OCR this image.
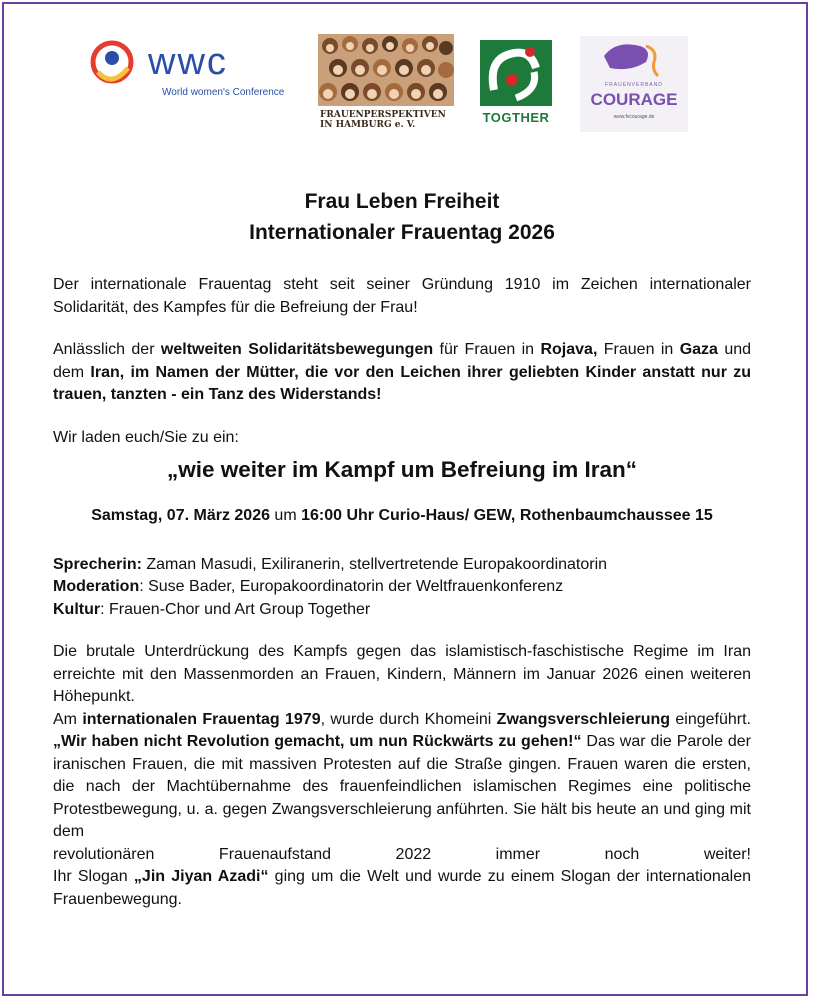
wwc
World women's Conference
FRAUENPERSPEKTIVEN
IN HAMBURG e. V.	TOGTHER
FRAUENVERBAND
COURAGE
www.fvcourage.de
Frau Leben Freiheit
Internationaler Frauentag 2026

Der internationale Frauentag steht seit seiner Gründung 1910 im Zeichen internationaler Solidarität, des Kampfes für die Befreiung der Frau!

Anlässlich der weltweiten Solidaritätsbewegungen für Frauen in Rojava, Frauen in Gaza und dem Iran, im Namen der Mütter, die vor den Leichen ihrer geliebten Kinder anstatt nur zu trauen, tanzten - ein Tanz des Widerstands!

Wir laden euch/Sie zu ein:

„wie weiter im Kampf um Befreiung im Iran“

Samstag, 07. März 2026 um 16:00 Uhr Curio-Haus/ GEW, Rothenbaumchaussee 15

Sprecherin: Zaman Masudi, Exiliranerin, stellvertretende Europakoordinatorin

Moderation: Suse Bader, Europakoordinatorin der Weltfrauenkonferenz

Kultur: Frauen-Chor und Art Group Together

Die brutale Unterdrückung des Kampfs gegen das islamistisch-faschistische Regime im Iran erreichte mit den Massenmorden an Frauen, Kindern, Männern im Januar 2026 einen weiteren Höhepunkt.

Am internationalen Frauentag 1979, wurde durch Khomeini Zwangsverschleierung eingeführt. „Wir haben nicht Revolution gemacht, um nun Rückwärts zu gehen!“ Das war die Parole der iranischen Frauen, die mit massiven Protesten auf die Straße gingen. Frauen waren die ersten, die nach der Machtübernahme des frauenfeindlichen islamischen Regimes eine politische Protestbewegung, u. a. gegen Zwangsverschleierung anführten. Sie hält bis heute an und ging mit dem

revolutionären Frauenaufstand 2022 immer noch weiter!

Ihr Slogan „Jin Jiyan Azadi“ ging um die Welt und wurde zu einem Slogan der internationalen Frauenbewegung.
